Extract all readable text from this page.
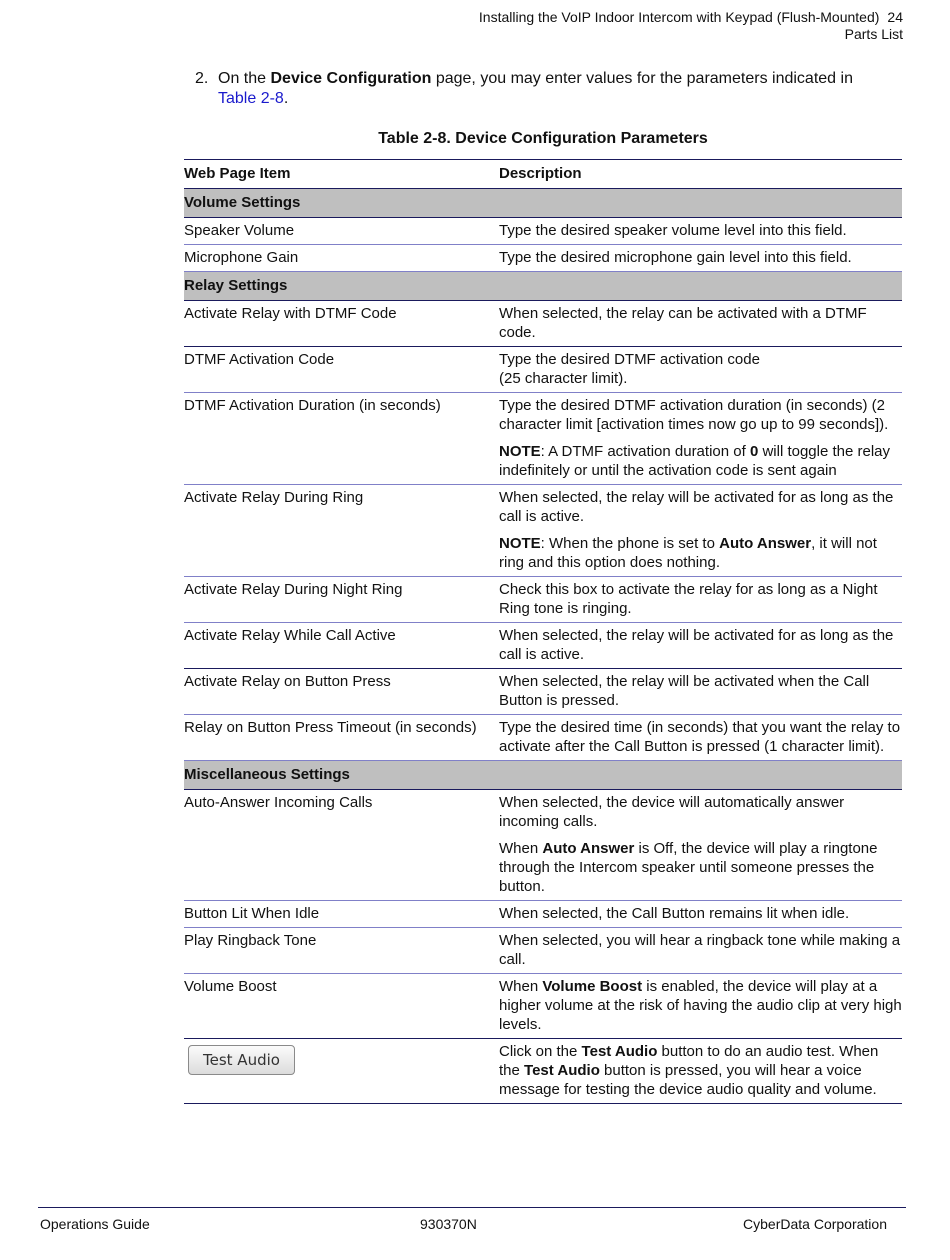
Installing the VoIP Indoor Intercom with Keypad (Flush-Mounted) 24
Parts List
2. On the Device Configuration page, you may enter values for the parameters indicated in Table 2-8.
Table 2-8. Device Configuration Parameters
Web Page Item	Description
Volume Settings	
Speaker Volume	Type the desired speaker volume level into this field.
Microphone Gain	Type the desired microphone gain level into this field.
Relay Settings	
Activate Relay with DTMF Code	When selected, the relay can be activated with a DTMF code.
DTMF Activation Code	Type the desired DTMF activation code
(25 character limit).

DTMF Activation Duration (in seconds)	Type the desired DTMF activation duration (in seconds) (2 character limit [activation times now go up to 99 seconds]).

NOTE: A DTMF activation duration of 0 will toggle the relay indefinitely or until the activation code is sent again

Activate Relay During Ring	When selected, the relay will be activated for as long as the call is active.

NOTE: When the phone is set to Auto Answer, it will not ring and this option does nothing.

Activate Relay During Night Ring	Check this box to activate the relay for as long as a Night Ring tone is ringing.
Activate Relay While Call Active	When selected, the relay will be activated for as long as the call is active.
Activate Relay on Button Press	When selected, the relay will be activated when the Call Button is pressed.
Relay on Button Press Timeout (in seconds)	Type the desired time (in seconds) that you want the relay to activate after the Call Button is pressed (1 character limit).
Miscellaneous Settings	
Auto-Answer Incoming Calls	When selected, the device will automatically answer incoming calls.

When Auto Answer is Off, the device will play a ringtone through the Intercom speaker until someone presses the button.

Button Lit When Idle	When selected, the Call Button remains lit when idle.
Play Ringback Tone	When selected, you will hear a ringback tone while making a call.
Volume Boost	When Volume Boost is enabled, the device will play at a higher volume at the risk of having the audio clip at very high levels.
Test Audio	Click on the Test Audio button to do an audio test. When the Test Audio button is pressed, you will hear a voice message for testing the device audio quality and volume.
Operations Guide	930370N	CyberData Corporation
